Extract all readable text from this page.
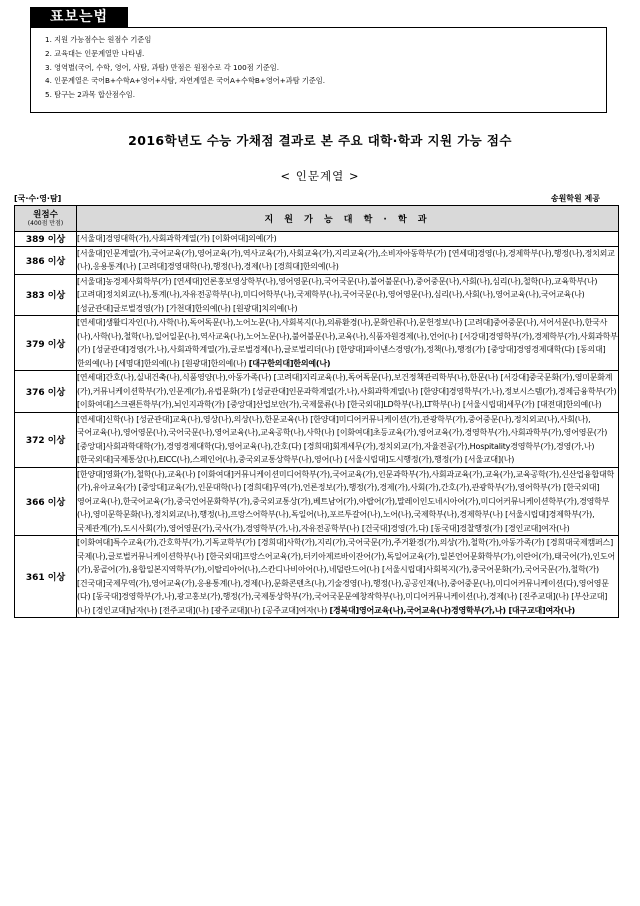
표보는법
1. 지원 가능점수는 원점수 기준임
2. 교육대는 인문계열만 나타냄.
3. 영역별(국어, 수학, 영어, 사탐, 과탐) 만점은 원점수로 각 100점 기준임.
4. 인문계열은 국어B+수학A+영어+사탐, 자연계열은 국어A+수학B+영어+과탐 기준임.
5. 탐구는 2과목 합산점수임.
2016학년도 수능 가채점 결과로 본 주요 대학·학과 지원 가능 점수
< 인문계열 >
[국·수·영·탐]	송원학원 제공
원점수
(400점 만점)	지 원 가 능 대 학 · 학 과
389 이상	[서울대]경영대학(가),사회과학계열(가) [이화여대]의예(가)
386 이상	[서울대]인문계열(가),국어교육(가),영어교육(가),역사교육(가),사회교육(가),지리교육(가),소비자아동학부(가) [연세대]경영(나),경제학부(나),행정(나),정치외교(나),응용통계(나) [고려대]경영대학(나),행정(나),경제(나) [경희대]한의예(나)
383 이상	[서울대]농경제사회학부(가) [연세대]언론홍보영상학부(나),영어영문(나),국어국문(나),불어불문(나),중어중문(나),사회(나),심리(나),철학(나),교육학부(나) [고려대]정치외교(나),통계(나),자유전공학부(나),미디어학부(나),국제학부(나),국어국문(나),영어영문(나),심리(나),사회(나),영어교육(나),국어교육(나) [성균관대]글로벌경영(가) [가천대]한의예(나) [원광대]치의예(나)
379 이상	[연세대]생활디자인(나),사학(나),독어독문(나),노어노문(나),사회복지(나),의류환경(나),문화인류(나),문헌정보(나) [고려대]중어중문(나),서어서문(나),한국사(나),사학(나),철학(나),일어일문(나),역사교육(나),노어노문(나),불어불문(나),교육(나),식품자원경제(나),언어(나) [서강대]경영학부(가),경제학부(가),사회과학부(가) [성균관대]경영(가,나),사회과학계열(가),글로벌경제(나),글로벌리더(나) [한양대]파이낸스경영(가),정책(나),행정(가) [중앙대]경영경제대학(다) [동의대]한의예(나) [세명대]한의예(나) [원광대]한의예(나) [대구한의대]한의예(나)
376 이상	[연세대]간호(나),실내건축(나),식품영양(나),아동가족(나) [고려대]지리교육(나),독어독문(나),보건정책관리학부(나),한문(나) [서강대]중국문화(가),영미문화계(가),커뮤니케이션학부(가),인문계(가),유럽문화(가) [성균관대]인문과학계열(가,나),사회과학계열(나) [한양대]경영학부(가,나),정보시스템(가),경제금융학부(가) [이화여대]스크랜튼학부(가),뇌인지과학(가) [중앙대]산업보안(가),국제물류(나) [한국외대]LD학부(나),LT학부(나) [서울시립대]세무(가) [대전대]한의예(나)
372 이상	[연세대]신학(나) [성균관대]교육(나),영상(나),의상(나),한문교육(나) [한양대]미디어커뮤니케이션(가),관광학부(가),중어중문(나),정치외교(나),사회(나),국어교육(나),영어영문(나),국어국문(나),영어교육(나),교육공학(나),사학(나) [이화여대]초등교육(가),영어교육(가),경영학부(가),사회과학부(가),영어영문(가) [중앙대]사회과학대학(가),경영경제대학(다),영어교육(나),간호(다) [경희대]회계세무(가),정치외교(가),자율전공(가),Hospitality경영학부(가),경영(가,나) [한국외대]국제통상(나),EICC(나),스페인어(나),중국외교통상학부(나),영어(나) [서울시립대]도시행정(가),행정(가) [서울교대](나)
366 이상	[한양대]영화(가),철학(나),교육(나) [이화여대]커뮤니케이션미디어학부(가),국어교육(가),인문과학부(가),사회과교육(가),교육(가),교육공학(가),신산업융합대학(가),유아교육(가) [중앙대]교육(가),인문대학(나) [경희대]무역(가),언론정보(가),행정(가),경제(가),사회(가),간호(가),관광학부(가),영어학부(가) [한국외대]영어교육(나),한국어교육(가),중국언어문화학부(가),중국외교통상(가),베트남어(가),아랍어(가),말레이인도네시아어(가),미디어커뮤니케이션학부(가),경영학부(나),영미문학문화(나),정치외교(나),행정(나),프랑스어학부(나),독일어(나),포르투갈어(나),노어(나),국제학부(나),경제학부(나) [서울시립대]경제학부(가),국제관계(가),도시사회(가),영어영문(가),국사(가),경영학부(가,나),자유전공학부(나) [건국대]경영(가,다) [동국대]경찰행정(가) [경인교대]여자(나)
361 이상	[이화여대]특수교육(가),간호학부(가),기독교학부(가) [경희대]사학(가),지리(가),국어국문(가),주거환경(가),의상(가),철학(가),아동가족(가) [경희대국제캠퍼스]국제(나),글로벌커뮤니케이션학부(나) [한국외대]프랑스어교육(가),터키아제르바이잔어(가),독일어교육(가),일본언어문화학부(가),이란어(가),태국어(가),인도어(가),몽골어(가),융합일본지역학부(가),이탈리아어(나),스칸디나비아어(나),네덜란드어(나) [서울시립대]사회복지(가),중국어문화(가),국어국문(가),철학(가) [건국대]국제무역(가),영어교육(가),응용통계(나),경제(나),문화콘텐츠(나),기술경영(나),행정(나),공공인재(나),중어중문(나),미디어커뮤니케이션(다),영어영문(다) [동국대]경영학부(가,나),광고홍보(가),행정(가),국제통상학부(가),국어국문문예창작학부(나),미디어커뮤니케이션(나),경제(나) [진주교대](나) [부산교대](나) [경인교대]남자(나) [전주교대](나) [광주교대](나) [공주교대]여자(나) [경북대]영어교육(나),국어교육(나)경영학부(가,나) [대구교대]여자(나)
